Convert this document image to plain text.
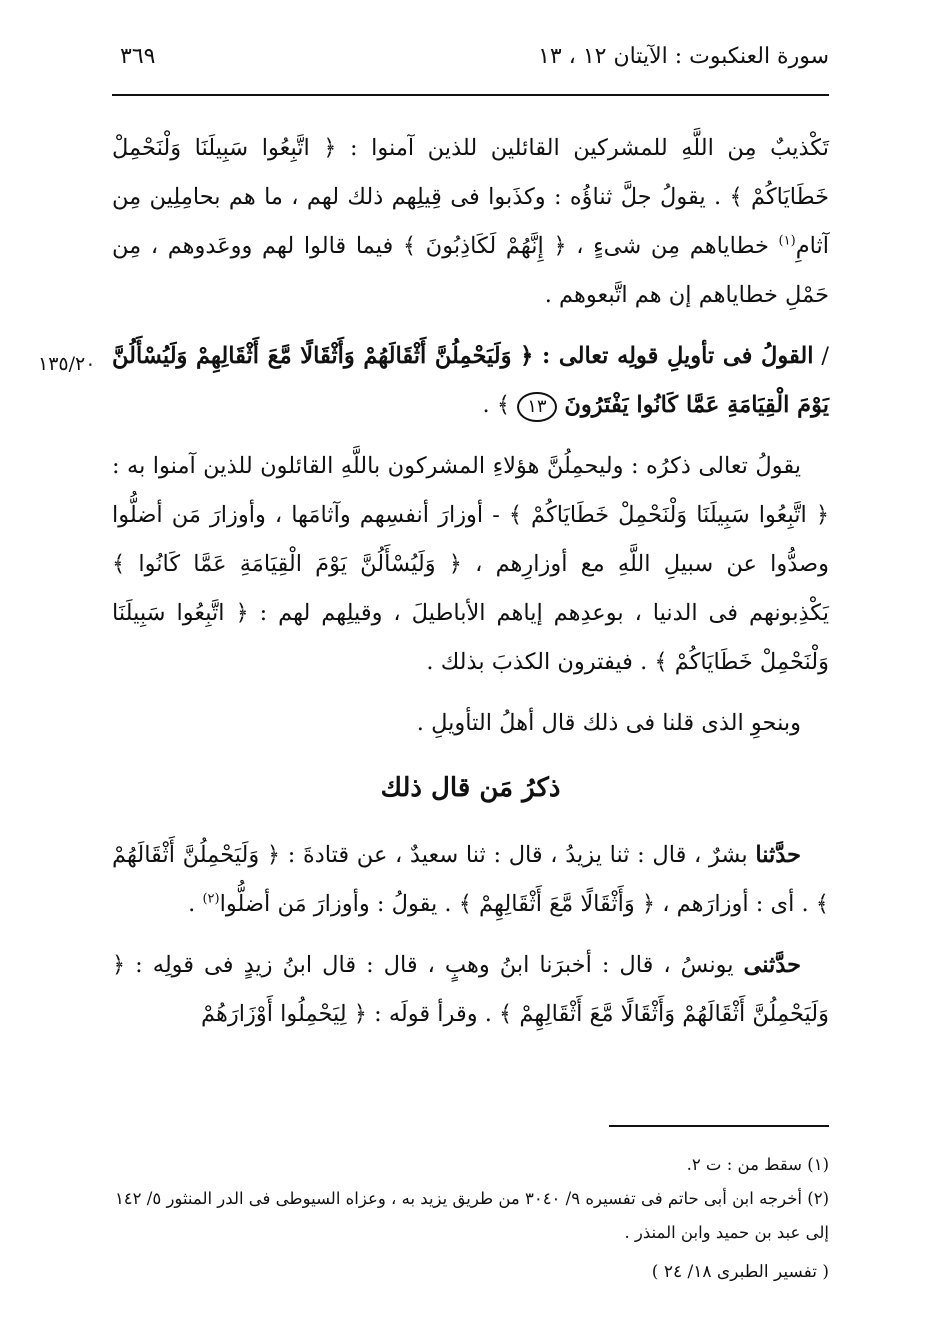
سورة العنكبوت : الآيتان ١٢ ، ١٣
٣٦٩
١٣٥/٢٠

تَكْذيبٌ مِن اللَّهِ للمشركين القائلين للذين آمنوا : ﴿ اتَّبِعُوا سَبِيلَنَا وَلْنَحْمِلْ خَطَايَاكُمْ ﴾ . يقولُ جلَّ ثناؤُه : وكذَبوا فى قِيلِهم ذلك لهم ، ما هم بحامِلِين مِن آثامِ$^{(١)}$ خطاياهم مِن شىءٍ ، ﴿ إِنَّهُمْ لَكَاذِبُونَ ﴾ فيما قالوا لهم ووعَدوهم ، مِن حَمْلِ خطاياهم إن هم اتَّبعوهم .

/ القولُ فى تأويلِ قولِه تعالى : ﴿ وَلَيَحْمِلُنَّ أَثْقَالَهُمْ وَأَثْقَالًا مَّعَ أَثْقَالِهِمْ وَلَيُسْأَلُنَّ يَوْمَ الْقِيَامَةِ عَمَّا كَانُوا يَفْتَرُونَ ١٣ ﴾ .

يقولُ تعالى ذكرُه : وليحمِلُنَّ هؤلاءِ المشركون باللَّهِ القائلون للذين آمنوا به : ﴿ اتَّبِعُوا سَبِيلَنَا وَلْنَحْمِلْ خَطَايَاكُمْ ﴾ - أوزارَ أنفسِهم وآثامَها ، وأوزارَ مَن أضلُّوا وصدُّوا عن سبيلِ اللَّهِ مع أوزارِهم ، ﴿ وَلَيُسْأَلُنَّ يَوْمَ الْقِيَامَةِ عَمَّا كَانُوا ﴾ يَكْذِبونهم فى الدنيا ، بوعدِهم إياهم الأباطيلَ ، وقيلِهم لهم : ﴿ اتَّبِعُوا سَبِيلَنَا وَلْنَحْمِلْ خَطَايَاكُمْ ﴾ . فيفترون الكذبَ بذلك .

وبنحوِ الذى قلنا فى ذلك قال أهلُ التأويلِ .

ذكرُ مَن قال ذلك

حدَّثنا بشرٌ ، قال : ثنا يزيدُ ، قال : ثنا سعيدٌ ، عن قتادةَ : ﴿ وَلَيَحْمِلُنَّ أَثْقَالَهُمْ ﴾ . أى : أوزارَهم ، ﴿ وَأَثْقَالًا مَّعَ أَثْقَالِهِمْ ﴾ . يقولُ : وأوزارَ مَن أضلُّوا$^{(٢)}$ .

حدَّثنى يونسُ ، قال : أخبرَنا ابنُ وهبٍ ، قال : قال ابنُ زيدٍ فى قولِه : ﴿ وَلَيَحْمِلُنَّ أَثْقَالَهُمْ وَأَثْقَالًا مَّعَ أَثْقَالِهِمْ ﴾ . وقرأ قولَه : ﴿ لِيَحْمِلُوا أَوْزَارَهُمْ

(١) سقط من : ت ٢.

(٢) أخرجه ابن أبى حاتم فى تفسيره ٩/ ٣٠٤٠ من طريق يزيد به ، وعزاه السيوطى فى الدر المنثور ٥/ ١٤٢ إلى عبد بن حميد وابن المنذر .

( تفسير الطبرى ١٨/ ٢٤ )
